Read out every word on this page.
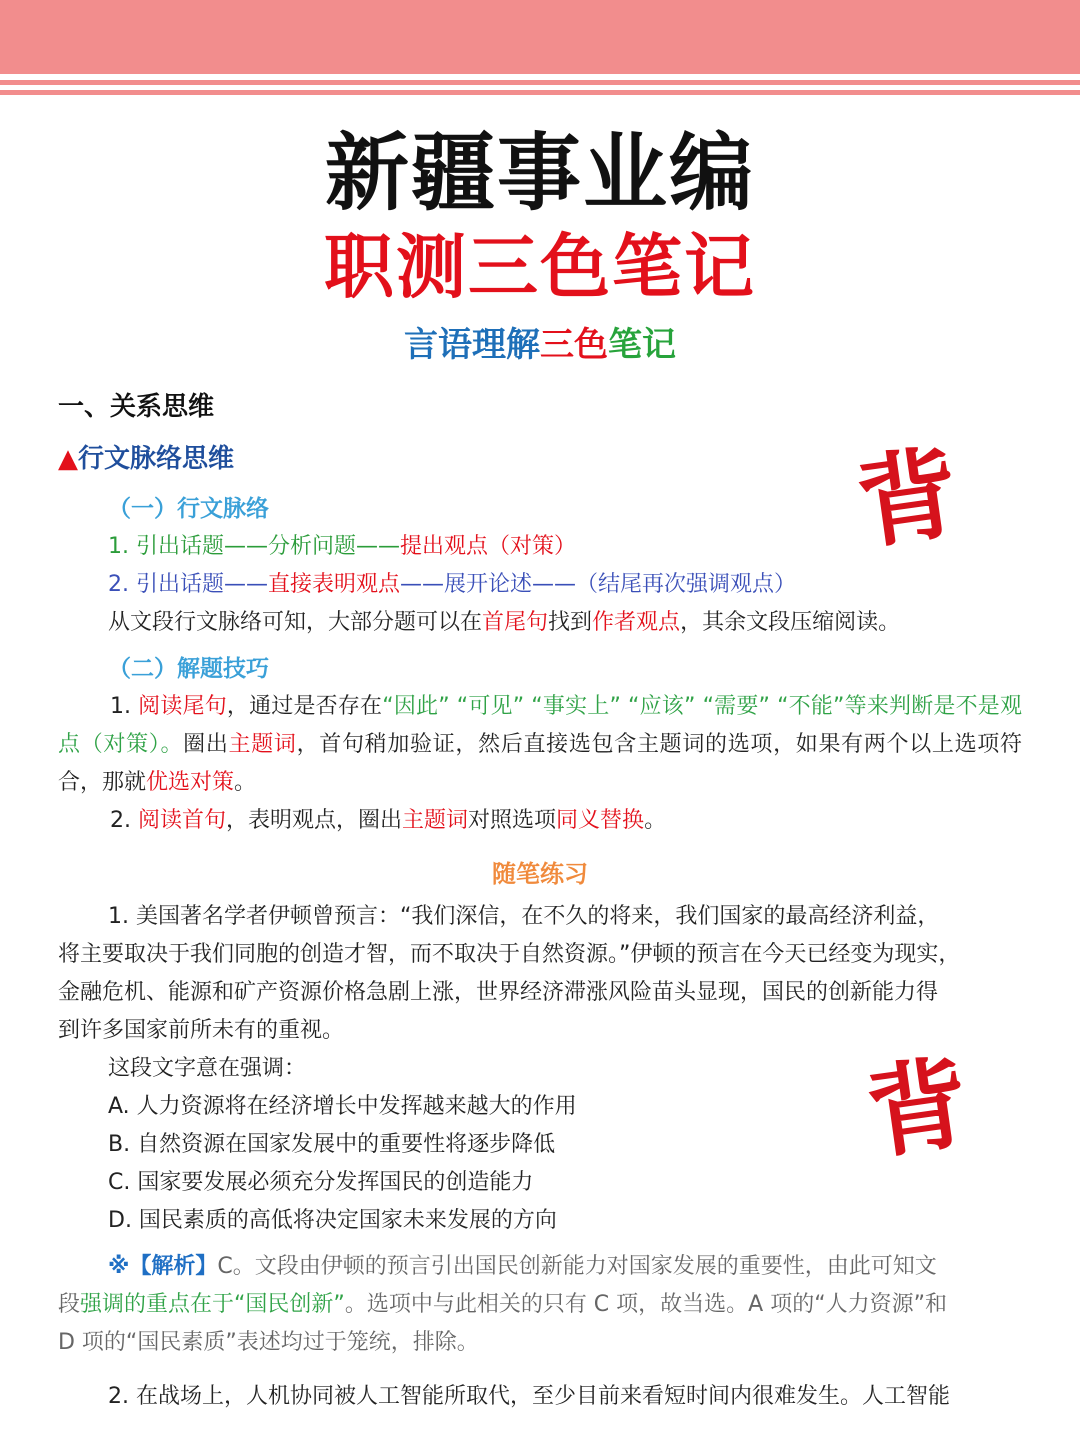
新疆事业编
职测三色笔记
言语理解三色笔记
一、关系思维
▲行文脉络思维	背
（一）行文脉络
1. 引出话题——分析问题——提出观点（对策）
2. 引出话题——直接表明观点——展开论述——（结尾再次强调观点）
从文段行文脉络可知，大部分题可以在首尾句找到作者观点，其余文段压缩阅读。
（二）解题技巧
1. 阅读尾句，通过是否存在“因此” “可见” “事实上” “应该” “需要” “不能”等来判断是不是观点（对策）。圈出主题词，首句稍加验证，然后直接选包含主题词的选项，如果有两个以上选项符合，那就优选对策。
2. 阅读首句，表明观点，圈出主题词对照选项同义替换。
随笔练习
1. 美国著名学者伊顿曾预言：“我们深信，在不久的将来，我们国家的最高经济利益，
将主要取决于我们同胞的创造才智，而不取决于自然资源。”伊顿的预言在今天已经变为现实，
金融危机、能源和矿产资源价格急剧上涨，世界经济滞涨风险苗头显现，国民的创新能力得
到许多国家前所未有的重视。
这段文字意在强调：
A. 人力资源将在经济增长中发挥越来越大的作用
B. 自然资源在国家发展中的重要性将逐步降低
C. 国家要发展必须充分发挥国民的创造能力
D. 国民素质的高低将决定国家未来发展的方向
背
※【解析】C。文段由伊顿的预言引出国民创新能力对国家发展的重要性，由此可知文
段强调的重点在于“国民创新”。选项中与此相关的只有 C 项，故当选。A 项的“人力资源”和
D 项的“国民素质”表述均过于笼统，排除。
2. 在战场上，人机协同被人工智能所取代，至少目前来看短时间内很难发生。人工智能
